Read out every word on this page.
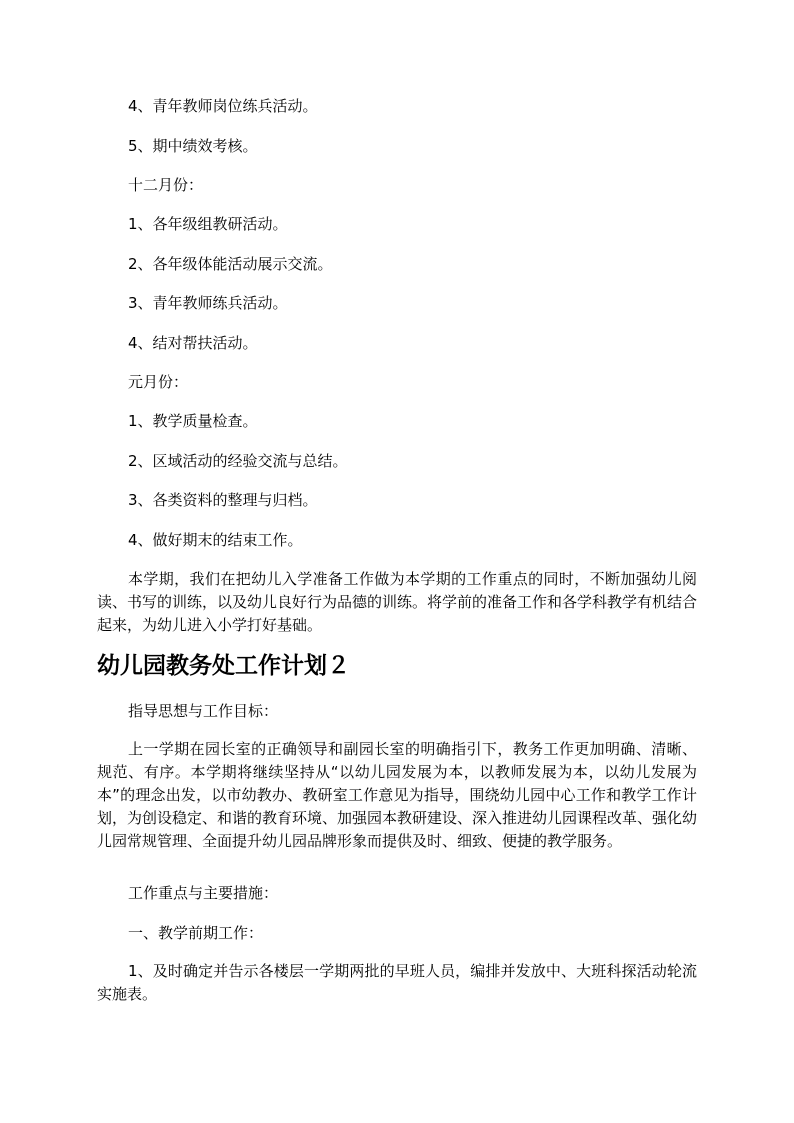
4、青年教师岗位练兵活动。
5、期中绩效考核。
十二月份：
1、各年级组教研活动。
2、各年级体能活动展示交流。
3、青年教师练兵活动。
4、结对帮扶活动。
元月份：
1、教学质量检查。
2、区域活动的经验交流与总结。
3、各类资料的整理与归档。
4、做好期末的结束工作。
本学期，我们在把幼儿入学准备工作做为本学期的工作重点的同时，不断加强幼儿阅读、书写的训练，以及幼儿良好行为品德的训练。将学前的准备工作和各学科教学有机结合起来，为幼儿进入小学打好基础。
幼儿园教务处工作计划２
指导思想与工作目标：
上一学期在园长室的正确领导和副园长室的明确指引下，教务工作更加明确、清晰、规范、有序。本学期将继续坚持从“以幼儿园发展为本，以教师发展为本，以幼儿发展为本”的理念出发，以市幼教办、教研室工作意见为指导，围绕幼儿园中心工作和教学工作计划，为创设稳定、和谐的教育环境、加强园本教研建设、深入推进幼儿园课程改革、强化幼儿园常规管理、全面提升幼儿园品牌形象而提供及时、细致、便捷的教学服务。
工作重点与主要措施：
一、教学前期工作：
1、及时确定并告示各楼层一学期两批的早班人员，编排并发放中、大班科探活动轮流实施表。
